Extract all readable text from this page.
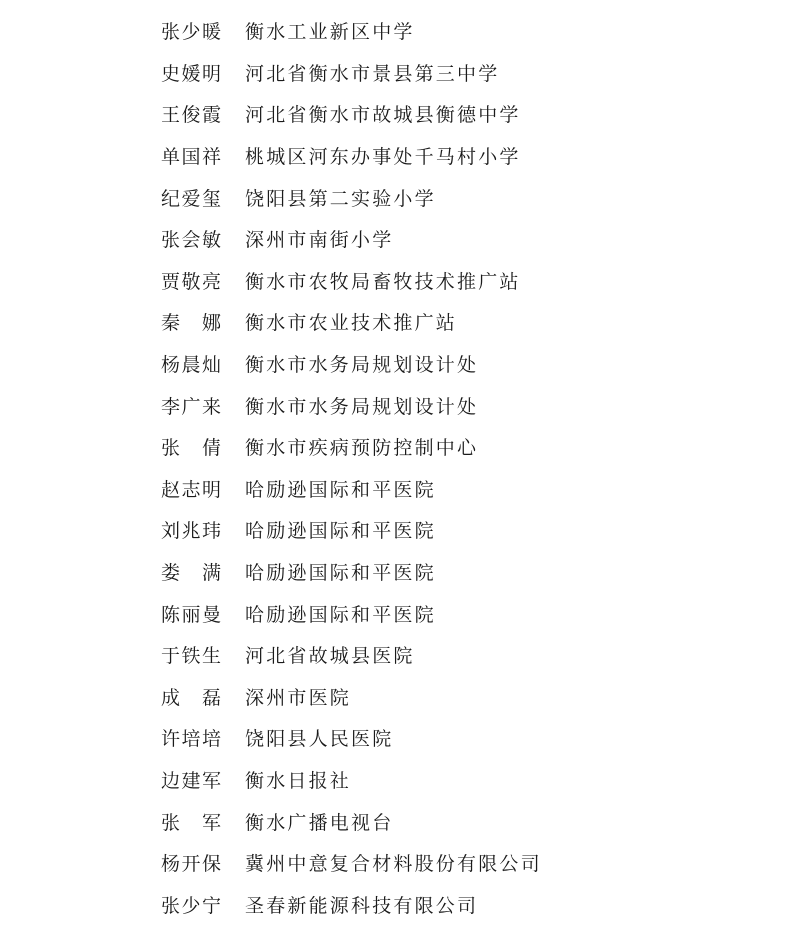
张少暖	衡水工业新区中学
史媛明	河北省衡水市景县第三中学
王俊霞	河北省衡水市故城县衡德中学
单国祥	桃城区河东办事处千马村小学
纪爱玺	饶阳县第二实验小学
张会敏	深州市南街小学
贾敬亮	衡水市农牧局畜牧技术推广站
秦　娜	衡水市农业技术推广站
杨晨灿	衡水市水务局规划设计处
李广来	衡水市水务局规划设计处
张　倩	衡水市疾病预防控制中心
赵志明	哈励逊国际和平医院
刘兆玮	哈励逊国际和平医院
娄　满	哈励逊国际和平医院
陈丽曼	哈励逊国际和平医院
于铁生	河北省故城县医院
成　磊	深州市医院
许培培	饶阳县人民医院
边建军	衡水日报社
张　军	衡水广播电视台
杨开保	冀州中意复合材料股份有限公司
张少宁	圣春新能源科技有限公司
